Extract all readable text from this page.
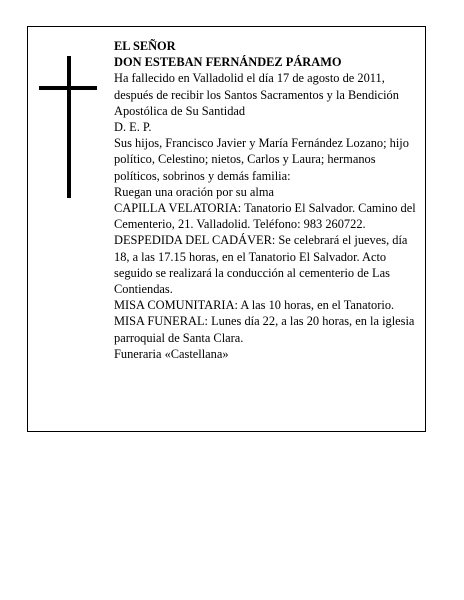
EL SEÑOR
DON ESTEBAN FERNÁNDEZ PÁRAMO
Ha fallecido en Valladolid el día 17 de agosto de 2011, después de recibir los Santos Sacramentos y la Bendición Apostólica de Su Santidad
D. E. P.
Sus hijos, Francisco Javier y María Fernández Lozano; hijo político, Celestino; nietos, Carlos y Laura; hermanos políticos, sobrinos y demás familia:
Ruegan una oración por su alma
CAPILLA VELATORIA: Tanatorio El Salvador. Camino del Cementerio, 21. Valladolid. Teléfono: 983 260722.
DESPEDIDA DEL CADÁVER: Se celebrará el jueves, día 18, a las 17.15 horas, en el Tanatorio El Salvador. Acto seguido se realizará la conducción al cementerio de Las Contiendas.
MISA COMUNITARIA: A las 10 horas, en el Tanatorio.
MISA FUNERAL: Lunes día 22, a las 20 horas, en la iglesia parroquial de Santa Clara.
Funeraria «Castellana»
